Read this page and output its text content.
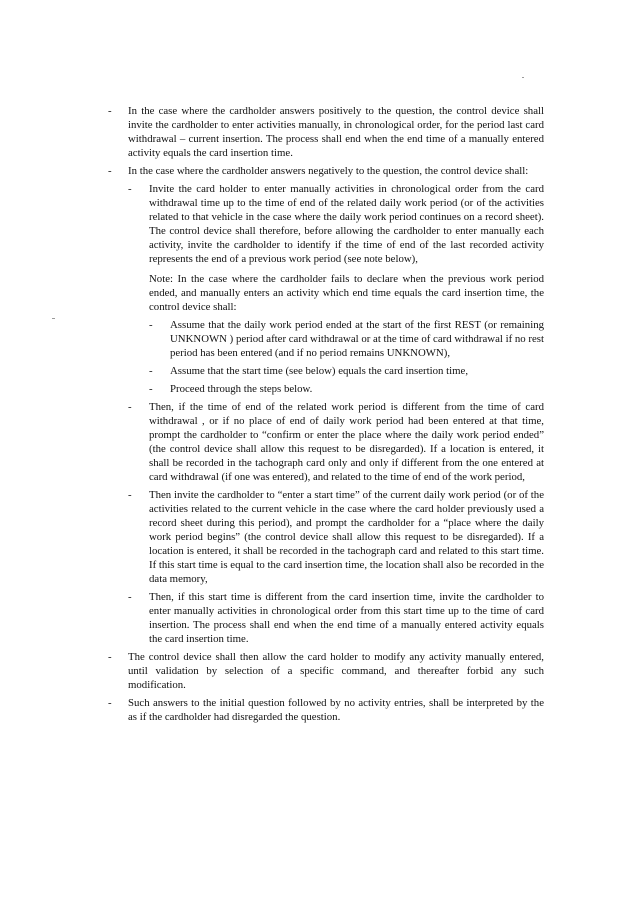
-	In the case where the cardholder answers positively to the question, the control device shall invite the cardholder to enter activities manually, in chronological order, for the period last card withdrawal – current insertion. The process shall end when the end time of a manually entered activity equals the card insertion time.
-	In the case where the cardholder answers negatively to the question, the control device shall:
-	Invite the card holder to enter manually activities in chronological order from the card withdrawal time up to the time of end of the related daily work period (or of the activities related to that vehicle in the case where the daily work period continues on a record sheet). The control device shall therefore, before allowing the cardholder to enter manually each activity, invite the cardholder to identify if the time of end of the last recorded activity represents the end of a previous work period (see note below),
Note: In the case where the cardholder fails to declare when the previous work period ended, and manually enters an activity which end time equals the card insertion time, the control device shall:
-	Assume that the daily work period ended at the start of the first REST (or remaining UNKNOWN ) period after card withdrawal or at the time of card withdrawal if no rest period has been entered (and if no period remains UNKNOWN),
-	Assume that the start time (see below) equals the card insertion time,
-	Proceed through the steps below.
-	Then, if the time of end of the related work period is different from the time of card withdrawal , or if no place of end of daily work period had been entered at that time, prompt the cardholder to “confirm or enter the place where the daily work period ended” (the control device shall allow this request to be disregarded). If a location is entered, it shall be recorded in the tachograph card only and only if different from the one entered at card withdrawal (if one was entered), and related to the time of end of the work period,
-	Then invite the cardholder to “enter a start time” of the current daily work period (or of the activities related to the current vehicle in the case where the card holder previously used a record sheet during this period), and prompt the cardholder for a “place where the daily work period begins” (the control device shall allow this request to be disregarded). If a location is entered, it shall be recorded in the tachograph card and related to this start time. If this start time is equal to the card insertion time, the location shall also be recorded in the data memory,
-	Then, if this start time is different from the card insertion time, invite the cardholder to enter manually activities in chronological order from this start time up to the time of card insertion. The process shall end when the end time of a manually entered activity equals the card insertion time.
-	The control device shall then allow the card holder to modify any activity manually entered, until validation by selection of a specific command, and thereafter forbid any such modification.
-	Such answers to the initial question followed by no activity entries, shall be interpreted by the as if the cardholder had disregarded the question.
